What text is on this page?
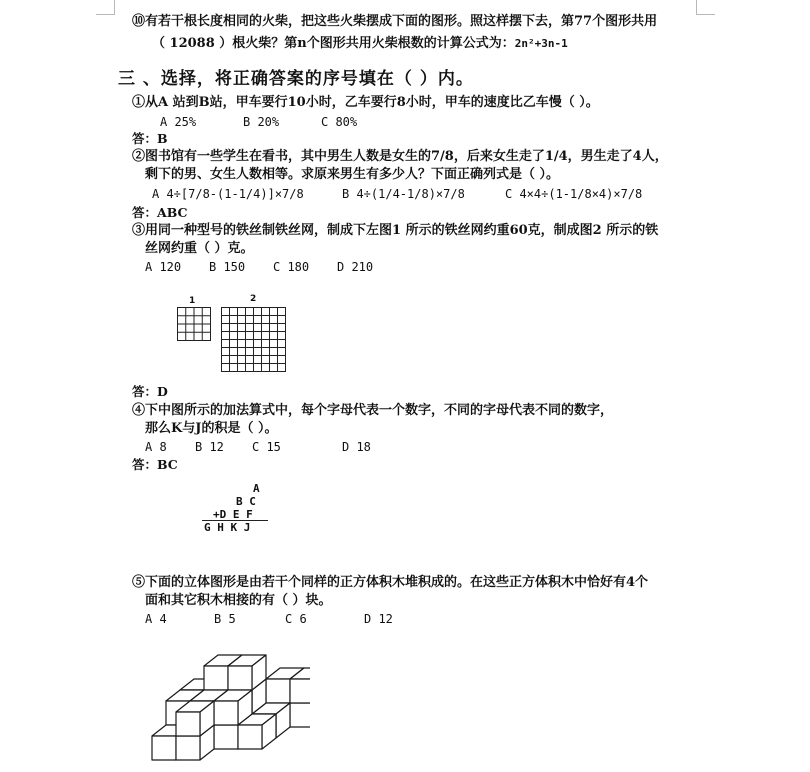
⑩有若干根长度相同的火柴，把这些火柴摆成下面的图形。照这样摆下去，第77个图形共用
（ 12088 ）根火柴？第n个图形共用火柴根数的计算公式为：2n²+3n-1
三 、选择，将正确答案的序号填在（ ）内。
①从A 站到B站，甲车要行10小时，乙车要行8小时，甲车的速度比乙车慢（ ）。
A 25%	B 20%	C 80%
答：B
②图书馆有一些学生在看书，其中男生人数是女生的7/8，后来女生走了1/4，男生走了4人，
剩下的男、女生人数相等。求原来男生有多少人？下面正确列式是（ ）。
A 4÷[7/8-(1-1/4)]×7/8	B 4÷(1/4-1/8)×7/8	C 4×4÷(1-1/8×4)×7/8
答：ABC
③用同一种型号的铁丝制铁丝网，制成下左图1 所示的铁丝网约重60克，制成图2 所示的铁
丝网约重（ ）克。
A 120 B 150 C 180 D 210
1	2
答：D
④下中图所示的加法算式中，每个字母代表一个数字，不同的字母代表不同的数字，
那么K与J的积是（ ）。
A 8 B 12 C 15	D 18
答：BC
A
B C
+D E F
G H K J
⑤下面的立体图形是由若干个同样的正方体积木堆积成的。在这些正方体积木中恰好有4个
面和其它积木相接的有（ ）块。
A 4	B 5	C 6	D 12
